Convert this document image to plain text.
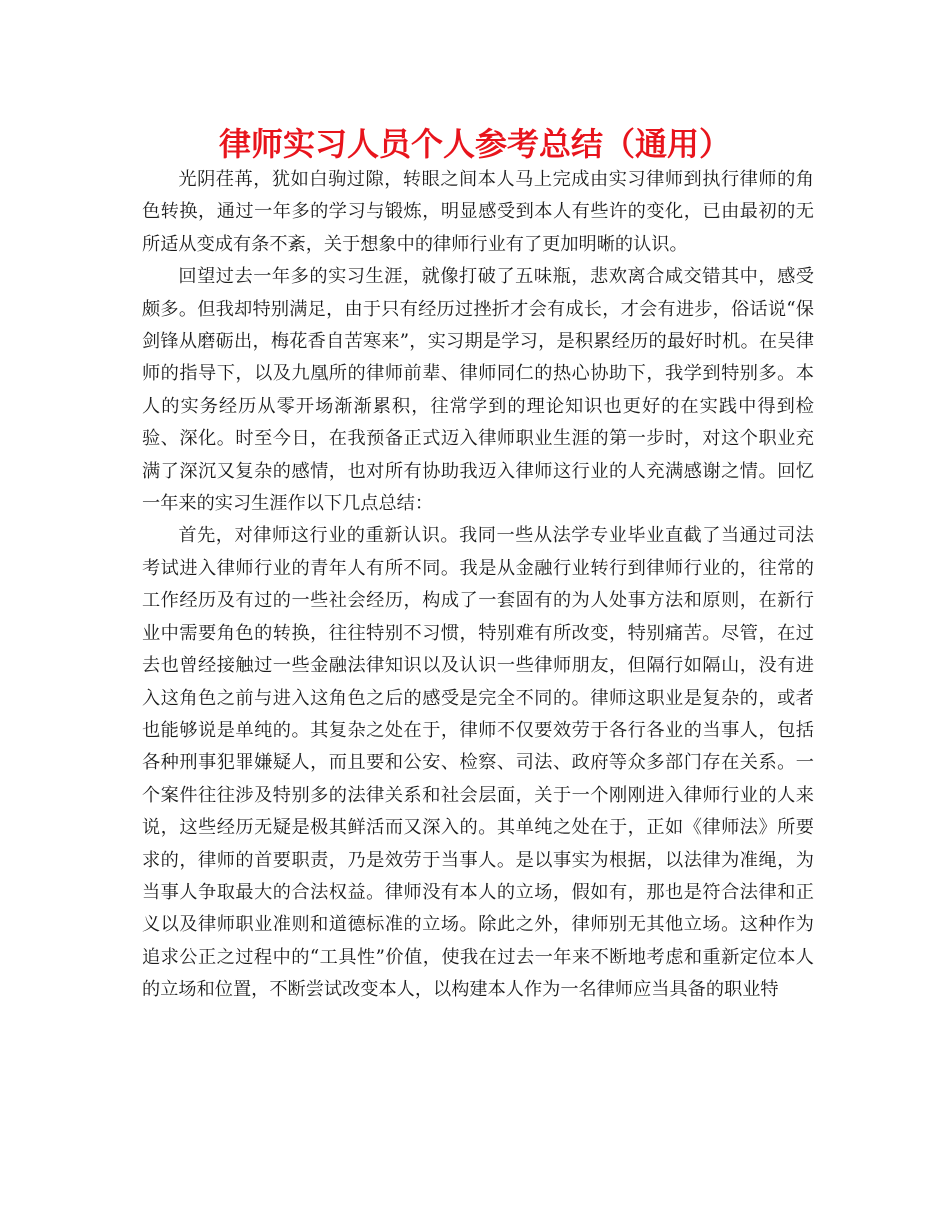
律师实习人员个人参考总结（通用）

光阴荏苒，犹如白驹过隙，转眼之间本人马上完成由实习律师到执行律师的角色转换，通过一年多的学习与锻炼，明显感受到本人有些许的变化，已由最初的无所适从变成有条不紊，关于想象中的律师行业有了更加明晰的认识。

回望过去一年多的实习生涯，就像打破了五味瓶，悲欢离合咸交错其中，感受颇多。但我却特别满足，由于只有经历过挫折才会有成长，才会有进步，俗话说“保剑锋从磨砺出，梅花香自苦寒来”，实习期是学习，是积累经历的最好时机。在吴律师的指导下，以及九凰所的律师前辈、律师同仁的热心协助下，我学到特别多。本人的实务经历从零开场渐渐累积，往常学到的理论知识也更好的在实践中得到检验、深化。时至今日，在我预备正式迈入律师职业生涯的第一步时，对这个职业充满了深沉又复杂的感情，也对所有协助我迈入律师这行业的人充满感谢之情。回忆一年来的实习生涯作以下几点总结：

首先，对律师这行业的重新认识。我同一些从法学专业毕业直截了当通过司法考试进入律师行业的青年人有所不同。我是从金融行业转行到律师行业的，往常的工作经历及有过的一些社会经历，构成了一套固有的为人处事方法和原则，在新行业中需要角色的转换，往往特别不习惯，特别难有所改变，特别痛苦。尽管，在过去也曾经接触过一些金融法律知识以及认识一些律师朋友，但隔行如隔山，没有进入这角色之前与进入这角色之后的感受是完全不同的。律师这职业是复杂的，或者也能够说是单纯的。其复杂之处在于，律师不仅要效劳于各行各业的当事人，包括各种刑事犯罪嫌疑人，而且要和公安、检察、司法、政府等众多部门存在关系。一个案件往往涉及特别多的法律关系和社会层面，关于一个刚刚进入律师行业的人来说，这些经历无疑是极其鲜活而又深入的。其单纯之处在于，正如《律师法》所要求的，律师的首要职责，乃是效劳于当事人。是以事实为根据，以法律为准绳，为当事人争取最大的合法权益。律师没有本人的立场，假如有，那也是符合法律和正义以及律师职业准则和道德标准的立场。除此之外，律师别无其他立场。这种作为追求公正之过程中的“工具性”价值，使我在过去一年来不断地考虑和重新定位本人的立场和位置，不断尝试改变本人，以构建本人作为一名律师应当具备的职业特
